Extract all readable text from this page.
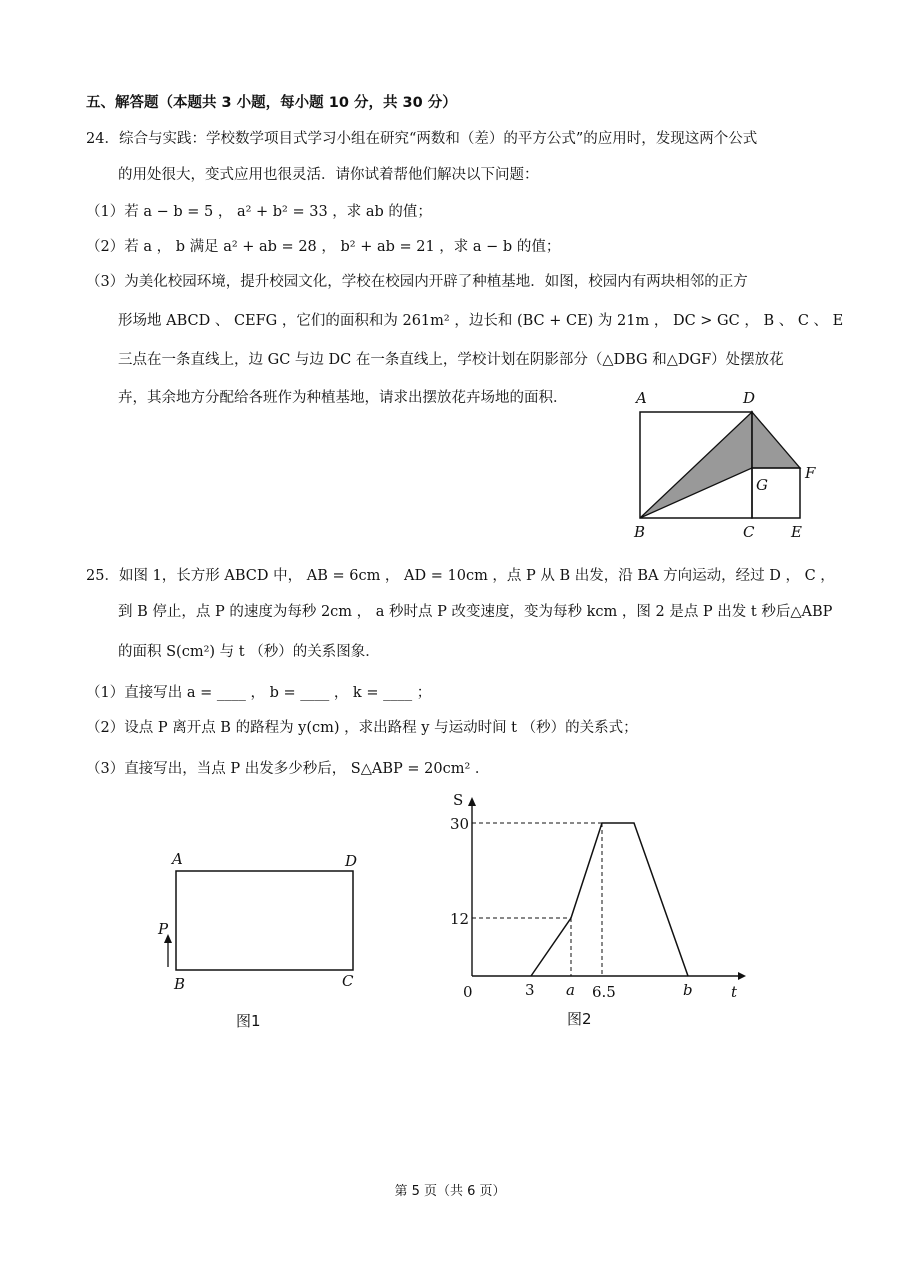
五、解答题（本题共 3 小题，每小题 10 分，共 30 分）
24．综合与实践：学校数学项目式学习小组在研究“两数和（差）的平方公式”的应用时，发现这两个公式
的用处很大，变式应用也很灵活．请你试着帮他们解决以下问题：
（1）若 a − b = 5 ， a² + b² = 33 ，求 ab 的值；
（2）若 a ， b 满足 a² + ab = 28 ， b² + ab = 21 ，求 a − b 的值；
（3）为美化校园环境，提升校园文化，学校在校园内开辟了种植基地．如图，校园内有两块相邻的正方
形场地 ABCD 、 CEFG ，它们的面积和为 261m² ，边长和 (BC + CE) 为 21m ， DC > GC ， B 、 C 、 E
三点在一条直线上，边 GC 与边 DC 在一条直线上，学校计划在阴影部分（△DBG 和△DGF）处摆放花
卉，其余地方分配给各班作为种植基地，请求出摆放花卉场地的面积．	A	D
G
F
B	C E
25．如图 1，长方形 ABCD 中， AB = 6cm ， AD = 10cm ，点 P 从 B 出发，沿 BA 方向运动，经过 D ， C ，
到 B 停止，点 P 的速度为每秒 2cm ， a 秒时点 P 改变速度，变为每秒 kcm ，图 2 是点 P 出发 t 秒后△ABP
的面积 S(cm²) 与 t （秒）的关系图象．
（1）直接写出 a = ____ ， b = ____ ， k = ____ ；
（2）设点 P 离开点 B 的路程为 y(cm) ，求出路程 y 与运动时间 t （秒）的关系式；
（3）直接写出，当点 P 出发多少秒后， S△ABP = 20cm² ．
A	D
B	C
P
图1
S
t
0
30
12
3 a 6.5	b
图2
第 5 页（共 6 页）
